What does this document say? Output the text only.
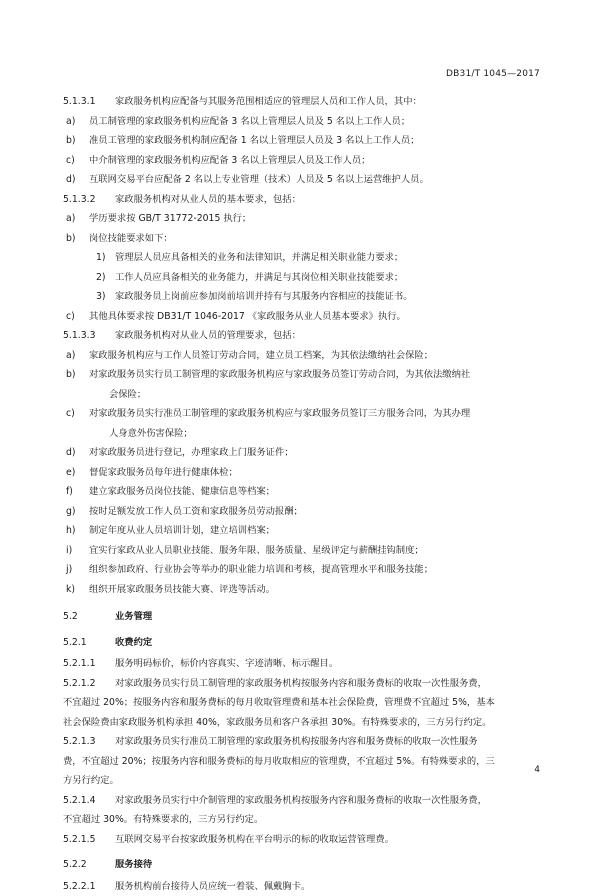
DB31/T 1045—2017

5.1.3.1 家政服务机构应配备与其服务范围相适应的管理层人员和工作人员，其中：

a) 员工制管理的家政服务机构应配备 3 名以上管理层人员及 5 名以上工作人员；

b) 准员工管理的家政服务机构制应配备 1 名以上管理层人员及 3 名以上工作人员；

c) 中介制管理的家政服务机构应配备 3 名以上管理层人员及工作人员；

d) 互联网交易平台应配备 2 名以上专业管理（技术）人员及 5 名以上运营维护人员。

5.1.3.2 家政服务机构对从业人员的基本要求，包括：

a) 学历要求按 GB/T 31772-2015 执行；

b) 岗位技能要求如下：

1) 管理层人员应具备相关的业务和法律知识，并满足相关职业能力要求；

2) 工作人员应具备相关的业务能力，并满足与其岗位相关职业技能要求；

3) 家政服务员上岗前应参加岗前培训并持有与其服务内容相应的技能证书。

c) 其他具体要求按 DB31/T 1046-2017 《家政服务从业人员基本要求》执行。

5.1.3.3 家政服务机构对从业人员的管理要求，包括：

a) 家政服务机构应与工作人员签订劳动合同，建立员工档案，为其依法缴纳社会保险；

b) 对家政服务员实行员工制管理的家政服务机构应与家政服务员签订劳动合同，为其依法缴纳社

会保险；

c) 对家政服务员实行准员工制管理的家政服务机构应与家政服务员签订三方服务合同，为其办理

人身意外伤害保险；

d) 对家政服务员进行登记，办理家政上门服务证件；

e) 督促家政服务员每年进行健康体检；

f) 建立家政服务员岗位技能、健康信息等档案；

g) 按时足额发放工作人员工资和家政服务员劳动报酬；

h) 制定年度从业人员培训计划，建立培训档案；

i) 宜实行家政从业人员职业技能、服务年限、服务质量、星级评定与薪酬挂钩制度；

j) 组织参加政府、行业协会等举办的职业能力培训和考核，提高管理水平和服务技能；

k) 组织开展家政服务员技能大赛、评选等活动。

5.2	业务管理

5.2.1	收费约定

5.2.1.1 服务明码标价，标价内容真实、字迹清晰、标示醒目。

5.2.1.2 对家政服务员实行员工制管理的家政服务机构按服务内容和服务费标的收取一次性服务费，

不宜超过 20%；按服务内容和服务费标的每月收取管理费和基本社会保险费，管理费不宜超过 5%，基本

社会保险费由家政服务机构承担 40%，家政服务员和客户各承担 30%。有特殊要求的，三方另行约定。

5.2.1.3 对家政服务员实行准员工制管理的家政服务机构按服务内容和服务费标的收取一次性服务

费，不宜超过 20%；按服务内容和服务费标的每月收取相应的管理费，不宜超过 5%。有特殊要求的，三

方另行约定。

5.2.1.4 对家政服务员实行中介制管理的家政服务机构按服务内容和服务费标的收取一次性服务费，

不宜超过 30%。有特殊要求的，三方另行约定。

5.2.1.5 互联网交易平台按家政服务机构在平台明示的标的收取运营管理费。

5.2.2	服务接待

5.2.2.1 服务机构前台接待人员应统一着装、佩戴胸卡。

4
